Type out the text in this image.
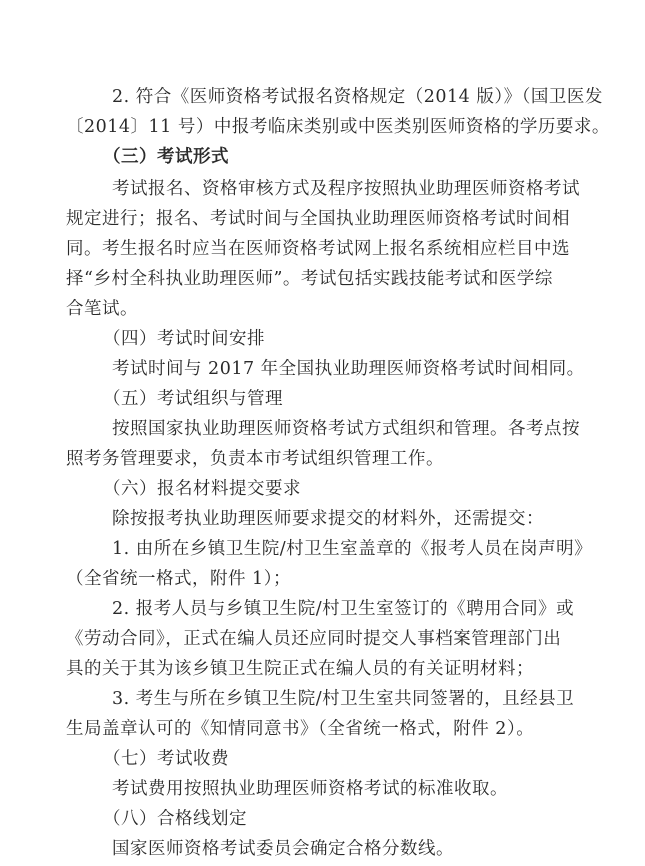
2. 符合《医师资格考试报名资格规定（2014 版）》（国卫医发
〔2014〕11 号）中报考临床类别或中医类别医师资格的学历要求。
（三）考试形式
考试报名、资格审核方式及程序按照执业助理医师资格考试
规定进行；报名、考试时间与全国执业助理医师资格考试时间相
同。考生报名时应当在医师资格考试网上报名系统相应栏目中选
择“乡村全科执业助理医师”。考试包括实践技能考试和医学综
合笔试。
（四）考试时间安排
考试时间与 2017 年全国执业助理医师资格考试时间相同。
（五）考试组织与管理
按照国家执业助理医师资格考试方式组织和管理。各考点按
照考务管理要求，负责本市考试组织管理工作。
（六）报名材料提交要求
除按报考执业助理医师要求提交的材料外，还需提交：
1. 由所在乡镇卫生院/村卫生室盖章的《报考人员在岗声明》
（全省统一格式，附件 1）；
2. 报考人员与乡镇卫生院/村卫生室签订的《聘用合同》或
《劳动合同》，正式在编人员还应同时提交人事档案管理部门出
具的关于其为该乡镇卫生院正式在编人员的有关证明材料；
3. 考生与所在乡镇卫生院/村卫生室共同签署的，且经县卫
生局盖章认可的《知情同意书》（全省统一格式，附件 2）。
（七）考试收费
考试费用按照执业助理医师资格考试的标准收取。
（八）合格线划定
国家医师资格考试委员会确定合格分数线。
